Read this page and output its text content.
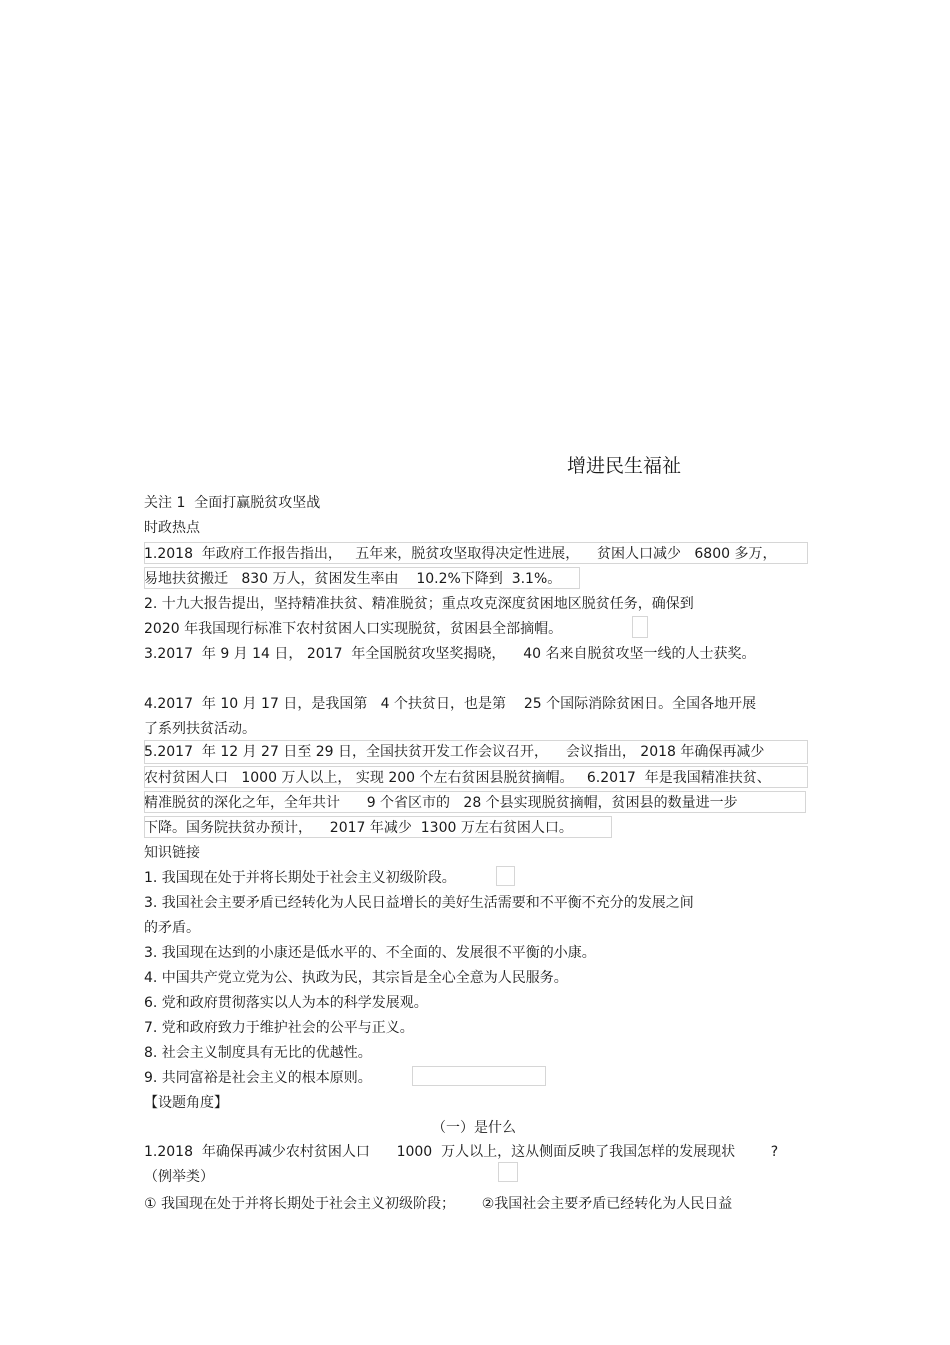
增进民生福祉
关注 1  全面打赢脱贫攻坚战
时政热点
1.2018  年政府工作报告指出，   五年来，脱贫攻坚取得决定性进展，    贫困人口减少   6800 多万，
易地扶贫搬迁   830 万人，贫困发生率由    10.2%下降到  3.1%。
2. 十九大报告提出，坚持精准扶贫、精准脱贫；重点攻克深度贫困地区脱贫任务，确保到
2020 年我国现行标准下农村贫困人口实现脱贫，贫困县全部摘帽。
3.2017  年 9 月 14 日， 2017  年全国脱贫攻坚奖揭晓，    40 名来自脱贫攻坚一线的人士获奖。
4.2017  年 10 月 17 日，是我国第   4 个扶贫日，也是第    25 个国际消除贫困日。全国各地开展
了系列扶贫活动。
5.2017  年 12 月 27 日至 29 日，全国扶贫开发工作会议召开，    会议指出， 2018 年确保再减少
农村贫困人口   1000 万人以上， 实现 200 个左右贫困县脱贫摘帽。   6.2017  年是我国精准扶贫、
精准脱贫的深化之年，全年共计      9 个省区市的   28 个县实现脱贫摘帽，贫困县的数量进一步
下降。国务院扶贫办预计，    2017 年减少  1300 万左右贫困人口。
知识链接
1. 我国现在处于并将长期处于社会主义初级阶段。
3. 我国社会主要矛盾已经转化为人民日益增长的美好生活需要和不平衡不充分的发展之间
的矛盾。
3. 我国现在达到的小康还是低水平的、不全面的、发展很不平衡的小康。
4. 中国共产党立党为公、执政为民，其宗旨是全心全意为人民服务。
6. 党和政府贯彻落实以人为本的科学发展观。
7. 党和政府致力于维护社会的公平与正义。
8. 社会主义制度具有无比的优越性。
9. 共同富裕是社会主义的根本原则。
【设题角度】
（一）是什么
1.2018  年确保再减少农村贫困人口      1000  万人以上，这从侧面反映了我国怎样的发展现状        ?
（例举类）
① 我国现在处于并将长期处于社会主义初级阶段；      ②我国社会主要矛盾已经转化为人民日益
